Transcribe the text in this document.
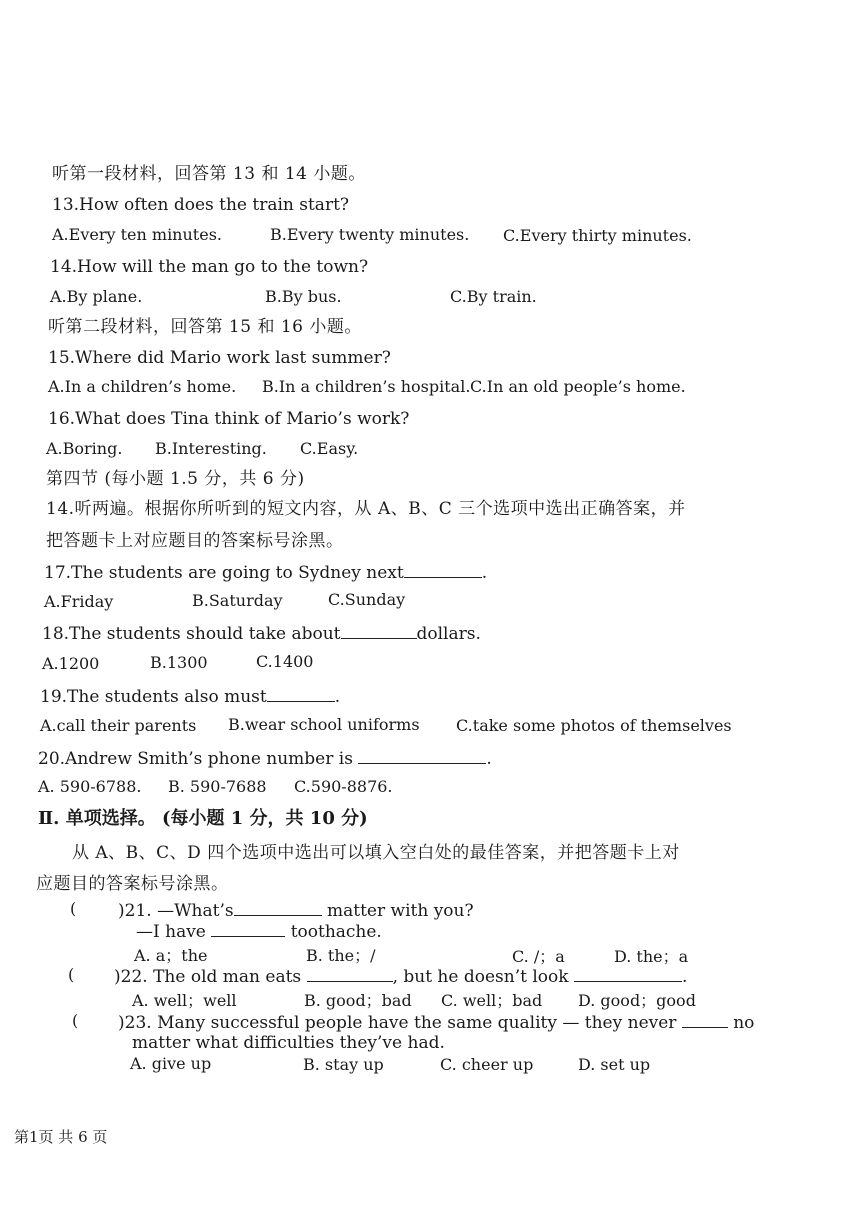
听第一段材料，回答第 13 和 14 小题。
13.How often does the train start?
A.Every ten minutes.	B.Every twenty minutes. C.Every thirty minutes.
14.How will the man go to the town?
A.By plane.	B.By bus.	C.By train.
听第二段材料，回答第 15 和 16 小题。
15.Where did Mario work last summer?
A.In a children’s home. B.In a children’s hospital. C.In an old people’s home.
16.What does Tina think of Mario’s work?
A.Boring. B.Interesting. C.Easy.
第四节 (每小题 1.5 分，共 6 分)
14.听两遍。根据你所听到的短文内容，从 A、B、C 三个选项中选出正确答案，并
把答题卡上对应题目的答案标号涂黑。
17.The students are going to Sydney next	.
A.Friday	B.Saturday	C.Sunday
18.The students should take about	dollars.
A.1200	B.1300	C.1400
19.The students also must	.
A.call their parents B.wear school uniforms C.take some photos of themselves
20.Andrew Smith’s phone number is	.
A. 590-6788. B. 590-7688 C.590-8876.
Ⅱ. 单项选择。 (每小题 1 分，共 10 分)
从 A、B、C、D 四个选项中选出可以填入空白处的最佳答案，并把答题卡上对
应题目的答案标号涂黑。
( )21. —What’s	matter with you?
—I have	toothache.
A. a；the	B. the；/	C. /；a	D. the；a
( )22. The old man eats	, but he doesn’t look	.
A. well；well	B. good；bad C. well；bad D. good；good
( )23. Many successful people have the same quality — they never	no
matter what difficulties they’ve had.
A. give up	B. stay up	C. cheer up	D. set up
第1页 共 6 页
